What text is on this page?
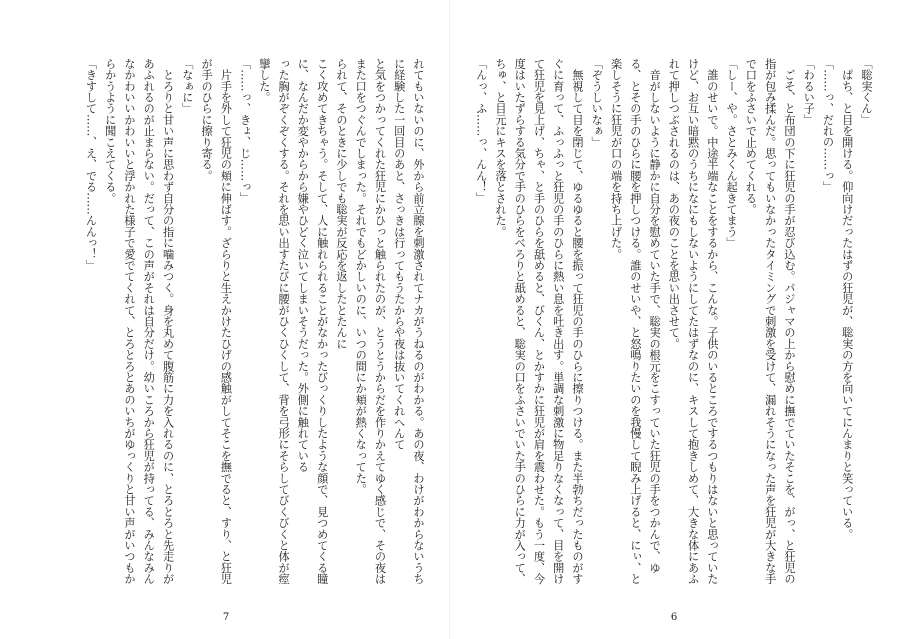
れてもいないのに、外から前立腺を刺激されてナカがうねるのがわかる。あの夜、わけがわからないうちに経験した一回目のあと、さっきは行ってもうたからや夜は抜いてくれへんて
と気をつかってくれた狂児にかひっと触られたのが、とうとうからだを作りかえてゆく感じで、その夜はまた口をつぐんでしまった。それでもどかしいのに、いつの間にか頬が熱くなってた。
られて、そのときに少しでも聡実が反応を返したとたんに
こく攻めてきちゃう。そして、人に触れられることがなかったびっくりしたような顔で、見つめてくる瞳に、なんだか変やからから嫌やひどく泣いてしまいそうだった。外側に触れている
った胸がぞくぞくする。それを思い出すたびに腰がひくひくして、背を弓形にそらしてびくびくと体が痙攣した。
「……っ、きょ、じ……っ」
　片手を外して狂児の頬に伸ばす。ざらりと生えかけたひげの感触がしてそこを撫でると、すり、と狂児が手のひらに擦り寄る。
「なぁに」
　とろりと甘い声に思わず自分の指に噛みつく。身を丸めて腹筋に力を入れるのに、とろとろと先走りがあふれるのが止まらない。だって、この声がそれは自分だけ。幼いころから狂児が持ってる、みんなみんなかわいいかわいいと浮かれた様子で愛でてくれて、とろとろとあのいちがゆっくりと甘い声がいつもからかうように聞こえてくる。
「きすして……、え、でる……んんっ！」
7
「聡実くん」
　ぱち、と目を開ける。仰向けだったはずの狂児が、聡実の方を向いてにんまりと笑っている。
「……っ、だれの……っ」
「わるい子」
　ごそ、と布団の下に狂児の手が忍び込む。パジャマの上から慰めに撫でていたそこを、がっ、と狂児の指が包み揉んだ。思ってもいなかったタイミングで刺激を受けて、漏れそうになった声を狂児が大きな手で口をふさいで止めてくれる。
「しー、や。さとみくん起きてまう」
　誰のせいで。中途半端なことをするから、こんな。子供のいるところでするつもりはないと思っていたけど、お互い暗黙のうちになにもしないようにしてたはずなのに、キスして抱きしめて、大きな体にあふれて押しつぶされるのは、あの夜のことを思い出させて。
　音がしないように静かに自分を慰めていた手で、聡実の根元をこすっていた狂児の手をつかんで、ゆる、とその手のひらに腰を押しつける。誰のせいや、と怒鳴りたいのを我慢して睨み上げると、にぃ、と楽しそうに狂児が口の端を持ち上げた。
「ぞうしいなぁ」
　無視して目を閉じて、ゆるゆると腰を振って狂児の手のひらに擦りつける。また半勃ちだったものがすぐに育って、ふっふっと狂児の手のひらに熱い息を吐き出す。単調な刺激に物足りなくなって、目を開けて狂児を見上げ、ちゃ、と手のひらを舐めると、びくん、とかすかに狂児が肩を震わせた。もう一度、今度はいたずらする気分で手のひらをべろりと舐めると、聡実の口をふさいでいた手のひらに力が入って、ちゅ、と目元にキスを落とされた。
「んっ、ふ……っ、んん！」

6
